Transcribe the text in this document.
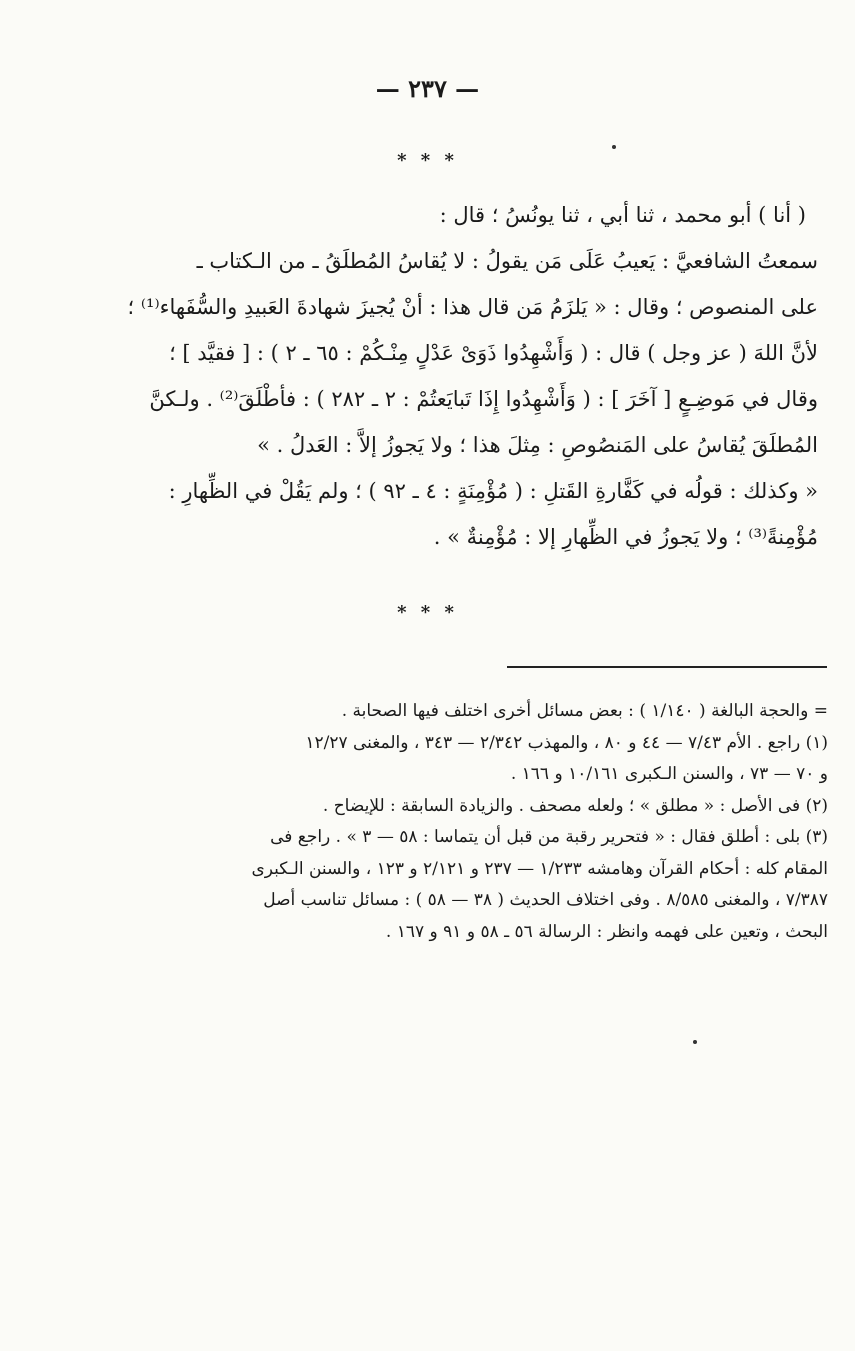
— ٢٣٧ —
* * *
( أنا ) أبو محمد ، ثنا أبي ، ثنا يونُسُ ؛ قال :
سمعتُ الشافعيَّ : يَعيبُ عَلَى مَن يقولُ : لا يُقاسُ المُطلَقُ ـ من الـكتاب ـ
على المنصوص ؛ وقال : « يَلزَمُ مَن قال هذا : أنْ يُجيزَ شهادةَ العَبيدِ والسُّفَهاء⁽¹⁾ ؛
لأنَّ اللهَ ( عز وجل ) قال : ( وَأَشْهِدُوا ذَوَىْ عَدْلٍ مِنْـكُمْ : ٦٥ ـ ٢ ) : [ فقيَّد ] ؛
وقال في مَوضِـعٍ [ آخَرَ ] : ( وَأَشْهِدُوا إِذَا تَبايَعتُمْ : ٢ ـ ٢٨٢ ) : فأطْلَقَ⁽²⁾ . ولـكنَّ
المُطلَقَ يُقاسُ على المَنصُوصِ : مِثلَ هذا ؛ ولا يَجوزُ إلاَّ : العَدلُ . »
« وكذلك : قولُه في كَفَّارةِ القَتلِ : ( مُؤْمِنَةٍ : ٤ ـ ٩٢ ) ؛ ولم يَقُلْ في الظِّهارِ :
مُؤْمِنةً⁽³⁾ ؛ ولا يَجوزُ في الظِّهارِ إلا : مُؤْمِنةٌ » .
* * *
= والحجة البالغة ( ١/١٤٠ ) : بعض مسائل أخرى اختلف فيها الصحابة .
(١) راجع . الأم ٧/٤٣ — ٤٤ و ٨٠ ، والمهذب ٢/٣٤٢ — ٣٤٣ ، والمغنى ١٢/٢٧
و ٧٠ — ٧٣ ، والسنن الـكبرى ١٠/١٦١ و ١٦٦ .
(٢) فى الأصل : « مطلق » ؛ ولعله مصحف . والزيادة السابقة : للإيضاح .
(٣) بلى : أطلق فقال : « فتحرير رقبة من قبل أن يتماسا : ٥٨ — ٣ » . راجع فى
المقام كله : أحكام القرآن وهامشه ١/٢٣٣ — ٢٣٧ و ٢/١٢١ و ١٢٣ ، والسنن الـكبرى
٧/٣٨٧ ، والمغنى ٨/٥٨٥ . وفى اختلاف الحديث ( ٣٨ — ٥٨ ) : مسائل تناسب أصل
البحث ، وتعين على فهمه وانظر : الرسالة ٥٦ ـ ٥٨ و ٩١ و ١٦٧ .
